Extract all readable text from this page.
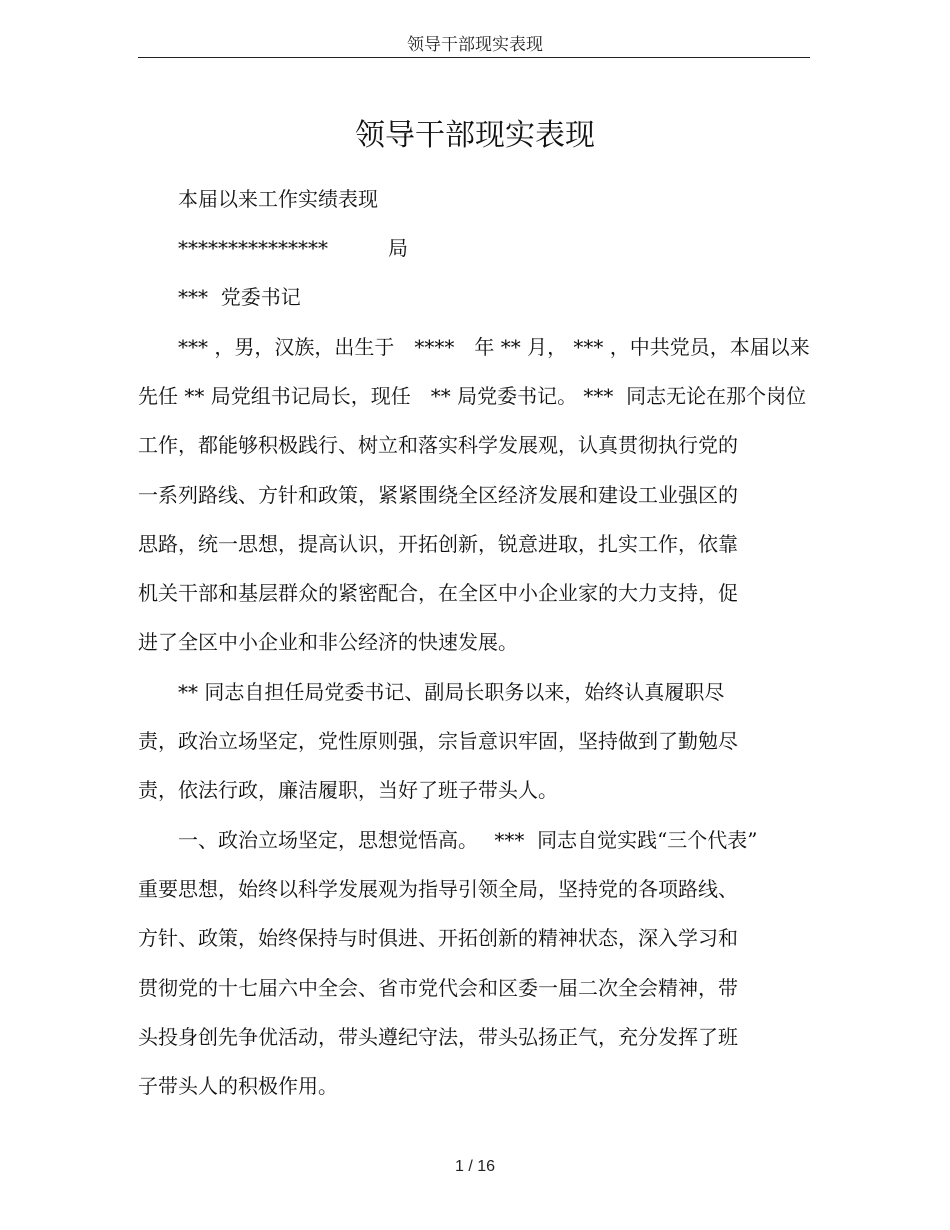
领导干部现实表现
领导干部现实表现
　　本届以来工作实绩表现
　　***************　　　局
　　***  党委书记
　　*** ，男，汉族，出生于　****　年 ** 月， *** ，中共党员，本届以来
先任 ** 局党组书记局长，现任　** 局党委书记。 ***  同志无论在那个岗位
工作，都能够积极践行、树立和落实科学发展观，认真贯彻执行党的
一系列路线、方针和政策，紧紧围绕全区经济发展和建设工业强区的
思路，统一思想，提高认识，开拓创新，锐意进取，扎实工作，依靠
机关干部和基层群众的紧密配合，在全区中小企业家的大力支持，促
进了全区中小企业和非公经济的快速发展。
　　** 同志自担任局党委书记、副局长职务以来，始终认真履职尽
责，政治立场坚定，党性原则强，宗旨意识牢固，坚持做到了勤勉尽
责，依法行政，廉洁履职，当好了班子带头人。
　　一、政治立场坚定，思想觉悟高。　 ***  同志自觉实践“三个代表”
重要思想，始终以科学发展观为指导引领全局，坚持党的各项路线、
方针、政策，始终保持与时俱进、开拓创新的精神状态，深入学习和
贯彻党的十七届六中全会、省市党代会和区委一届二次全会精神，带
头投身创先争优活动，带头遵纪守法，带头弘扬正气，充分发挥了班
子带头人的积极作用。
1 / 16
